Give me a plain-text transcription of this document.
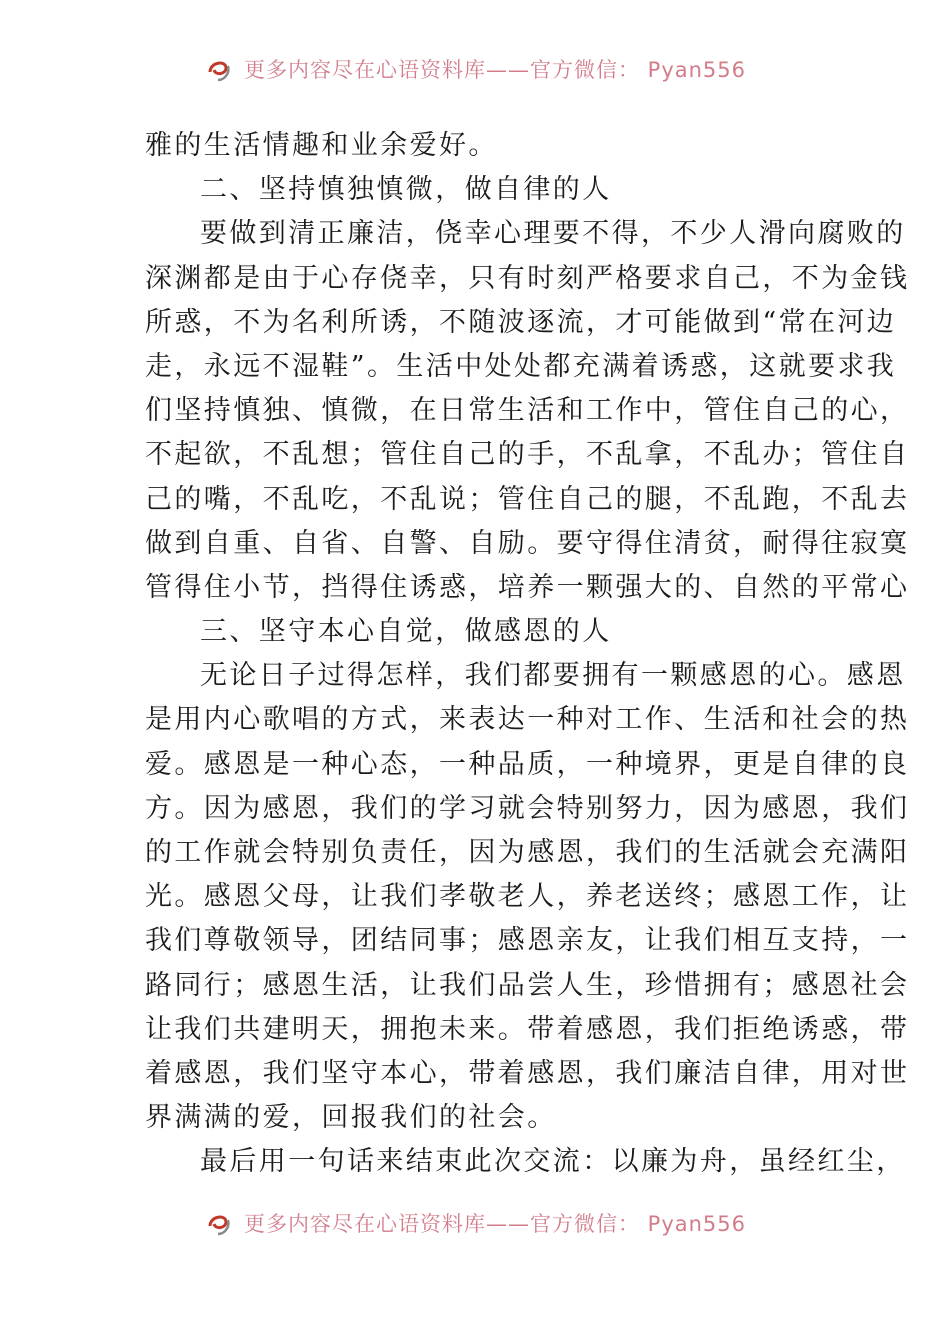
更多内容尽在心语资料库——官方微信： Pyan556
雅的生活情趣和业余爱好。
二、坚持慎独慎微，做自律的人
要做到清正廉洁，侥幸心理要不得，不少人滑向腐败的
深渊都是由于心存侥幸，只有时刻严格要求自己，不为金钱
所惑，不为名利所诱，不随波逐流，才可能做到“常在河边
走，永远不湿鞋”。生活中处处都充满着诱惑，这就要求我
们坚持慎独、慎微，在日常生活和工作中，管住自己的心，
不起欲，不乱想；管住自己的手，不乱拿，不乱办；管住自
己的嘴，不乱吃，不乱说；管住自己的腿，不乱跑，不乱去
做到自重、自省、自警、自励。要守得住清贫，耐得往寂寞
管得住小节，挡得住诱惑，培养一颗强大的、自然的平常心
三、坚守本心自觉，做感恩的人
无论日子过得怎样，我们都要拥有一颗感恩的心。感恩
是用内心歌唱的方式，来表达一种对工作、生活和社会的热
爱。感恩是一种心态，一种品质，一种境界，更是自律的良
方。因为感恩，我们的学习就会特别努力，因为感恩，我们
的工作就会特别负责任，因为感恩，我们的生活就会充满阳
光。感恩父母，让我们孝敬老人，养老送终；感恩工作，让
我们尊敬领导，团结同事；感恩亲友，让我们相互支持，一
路同行；感恩生活，让我们品尝人生，珍惜拥有；感恩社会
让我们共建明天，拥抱未来。带着感恩，我们拒绝诱惑，带
着感恩，我们坚守本心，带着感恩，我们廉洁自律，用对世
界满满的爱，回报我们的社会。
最后用一句话来结束此次交流：以廉为舟，虽经红尘，
更多内容尽在心语资料库——官方微信： Pyan556
